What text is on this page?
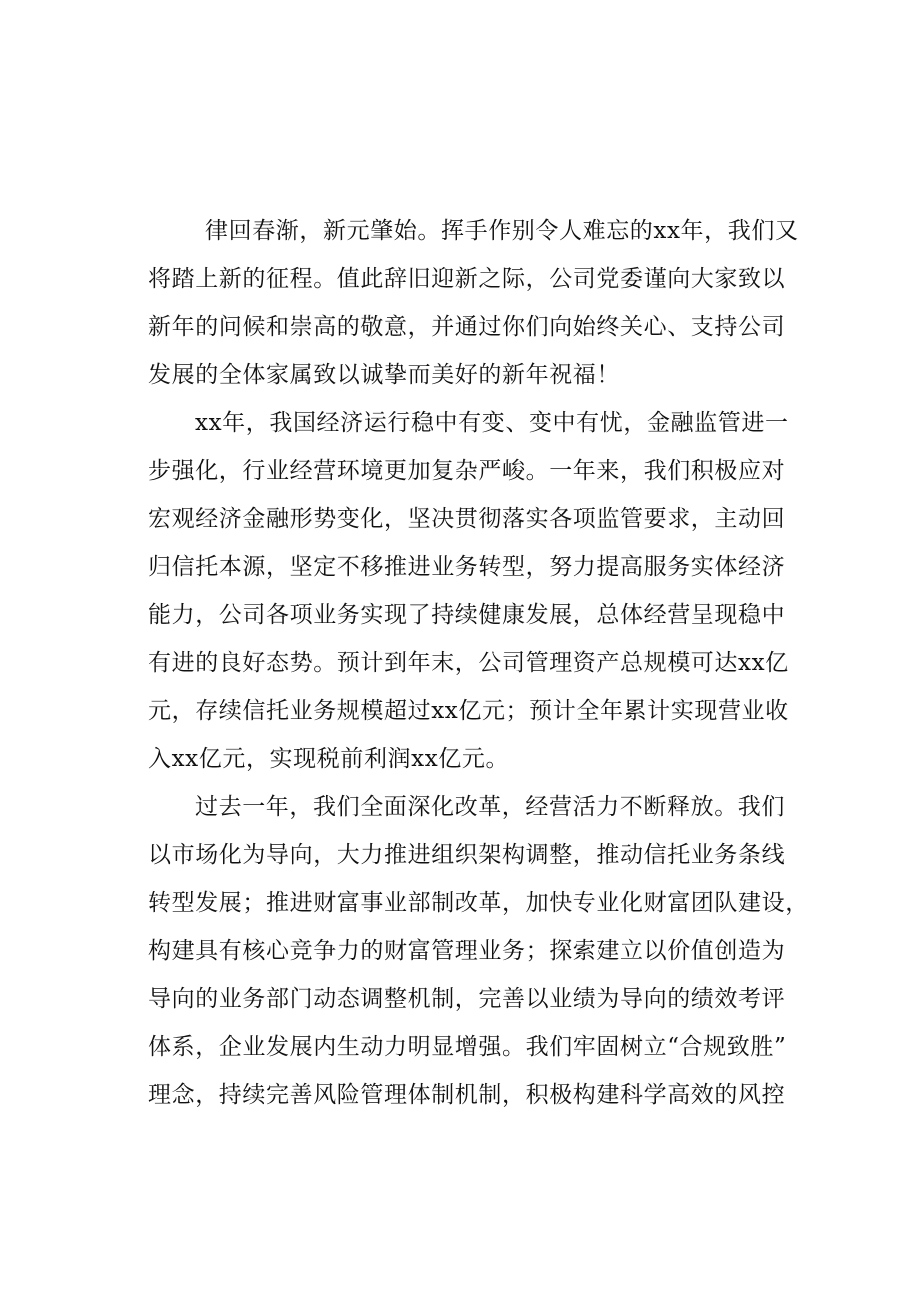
律回春渐，新元肇始。挥手作别令人难忘的xx年，我们又
将踏上新的征程。值此辞旧迎新之际，公司党委谨向大家致以
新年的问候和崇高的敬意，并通过你们向始终关心、支持公司
发展的全体家属致以诚挚而美好的新年祝福！
xx年，我国经济运行稳中有变、变中有忧，金融监管进一
步强化，行业经营环境更加复杂严峻。一年来，我们积极应对
宏观经济金融形势变化，坚决贯彻落实各项监管要求，主动回
归信托本源，坚定不移推进业务转型，努力提高服务实体经济
能力，公司各项业务实现了持续健康发展，总体经营呈现稳中
有进的良好态势。预计到年末，公司管理资产总规模可达xx亿
元，存续信托业务规模超过xx亿元；预计全年累计实现营业收
入xx亿元，实现税前利润xx亿元。
过去一年，我们全面深化改革，经营活力不断释放。我们
以市场化为导向，大力推进组织架构调整，推动信托业务条线
转型发展；推进财富事业部制改革，加快专业化财富团队建设，
构建具有核心竞争力的财富管理业务；探索建立以价值创造为
导向的业务部门动态调整机制，完善以业绩为导向的绩效考评
体系，企业发展内生动力明显增强。我们牢固树立“合规致胜”
理念，持续完善风险管理体制机制，积极构建科学高效的风控
